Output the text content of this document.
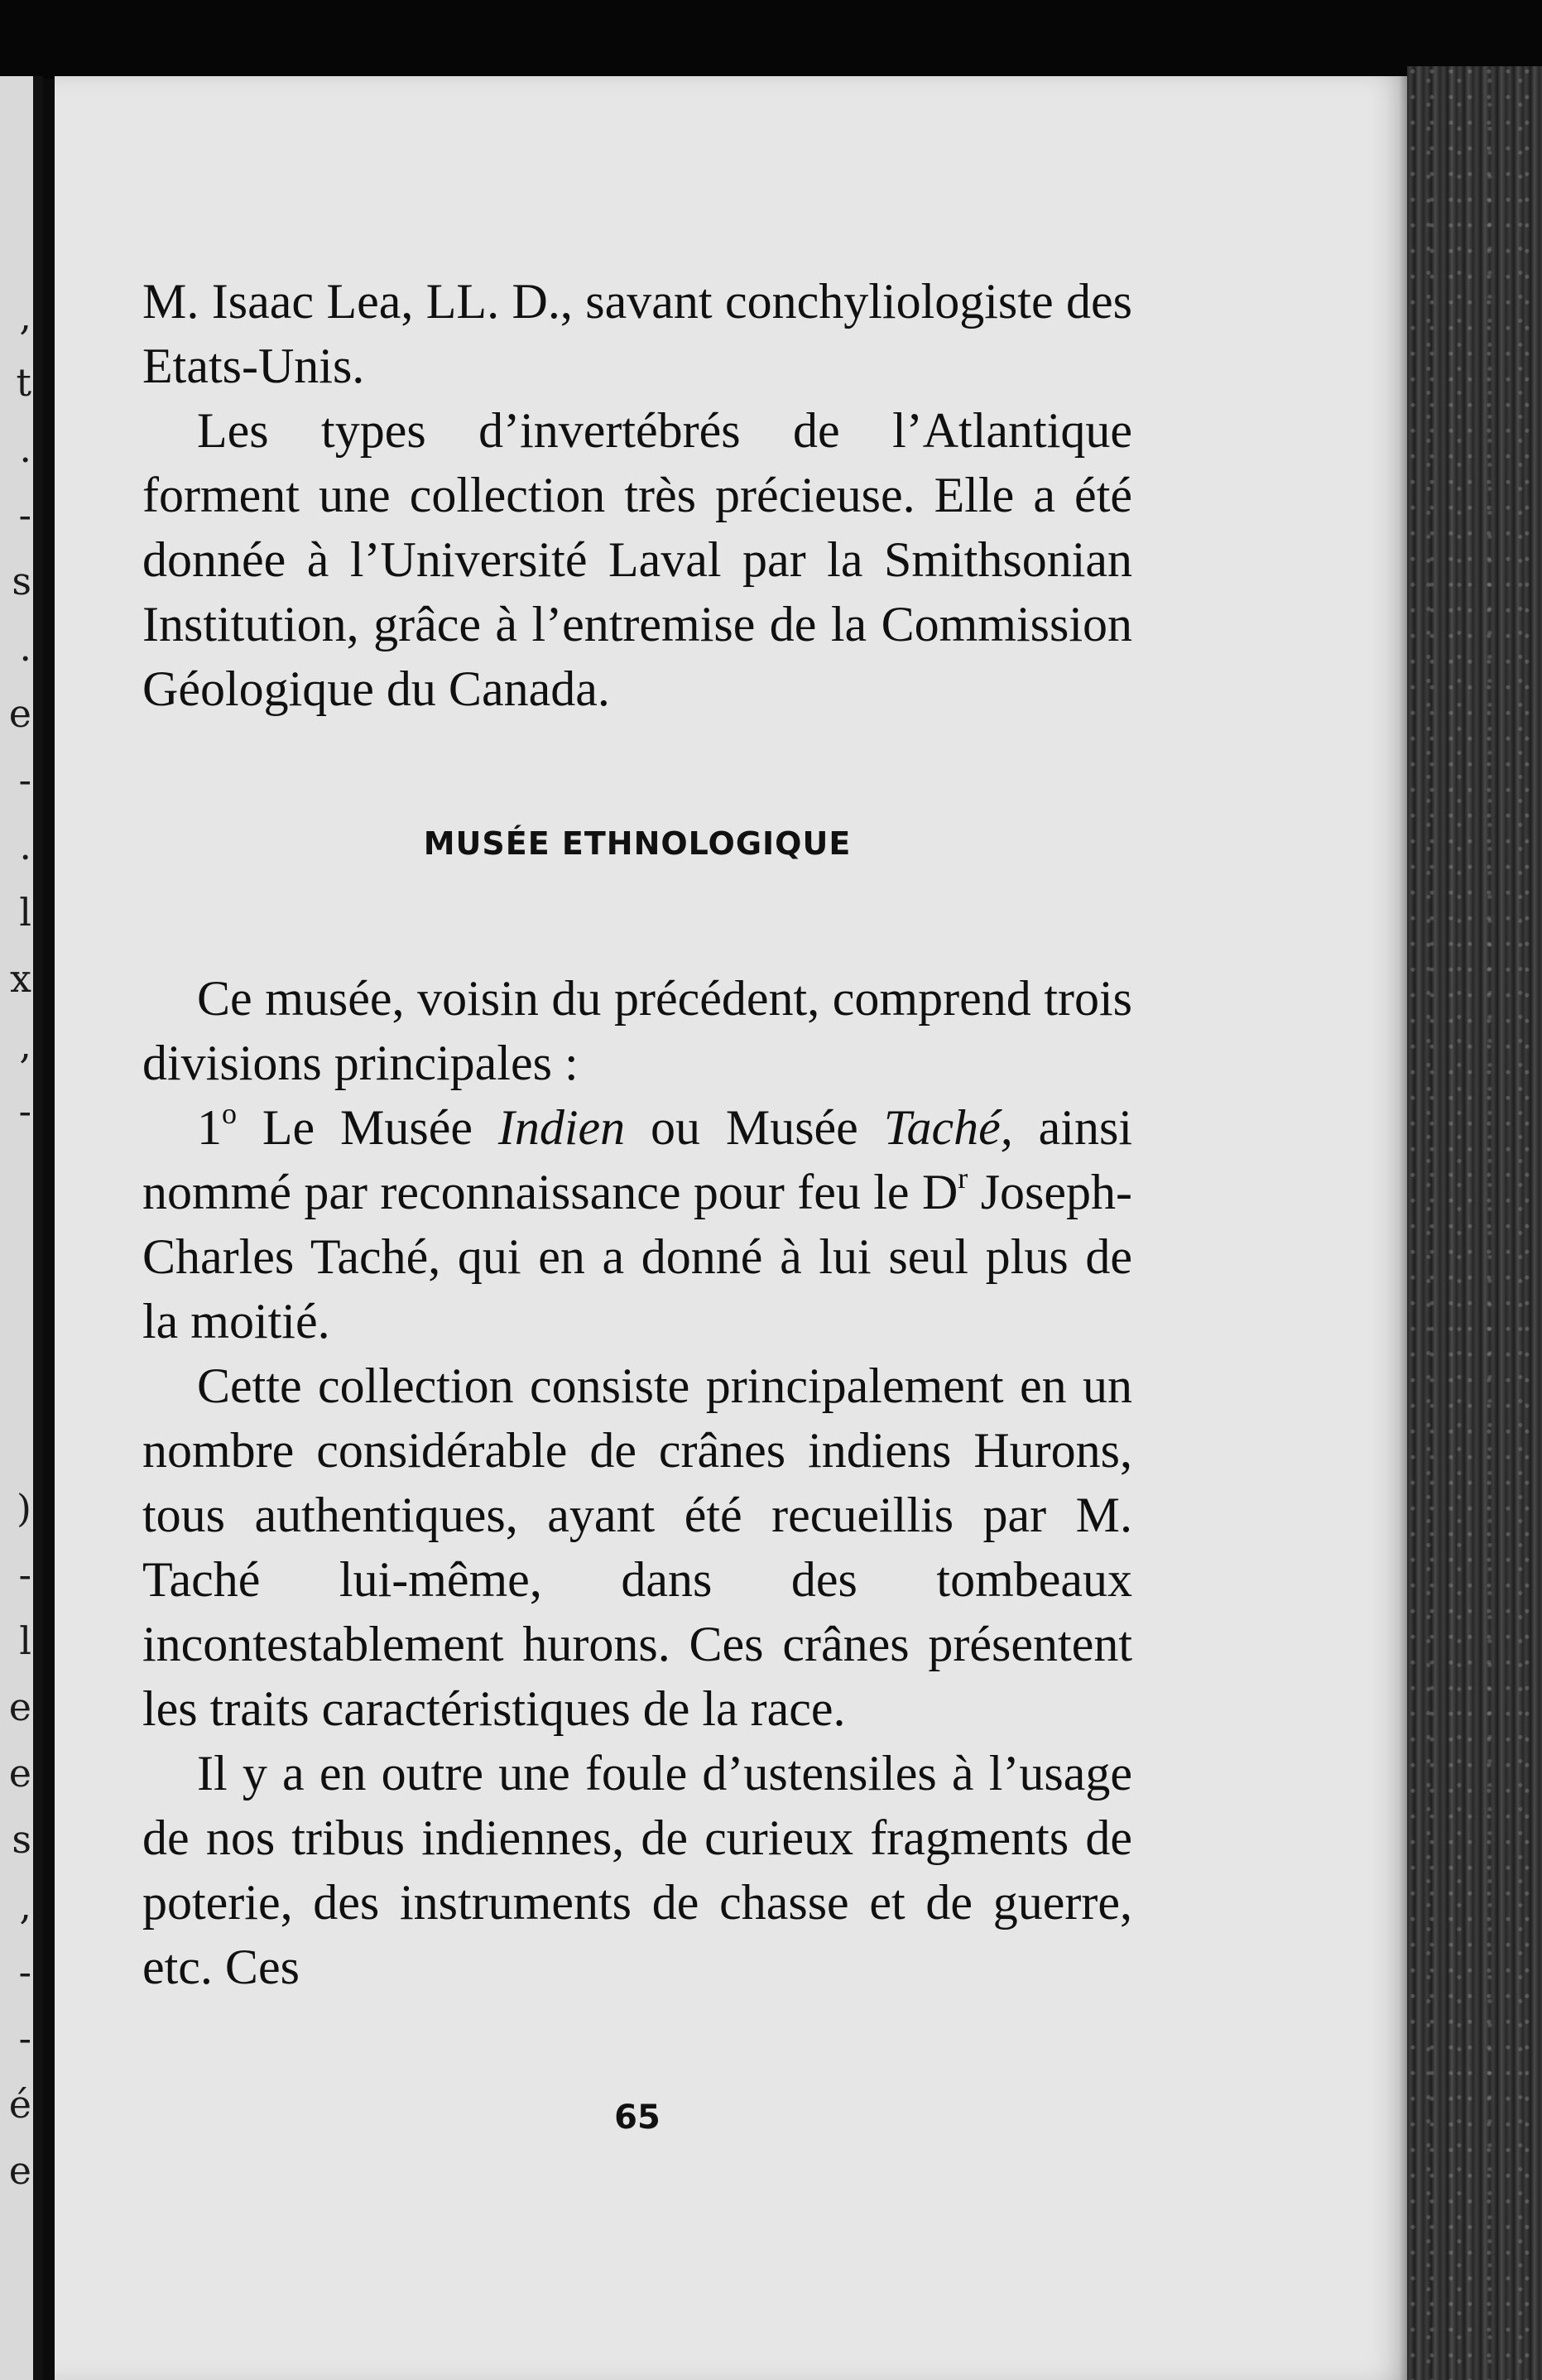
,
t
.
-
s
.
e
-
.
l
x
,
-
)
-
l
e
e
s
,
-
-
é
e

M. Isaac Lea, LL. D., savant conchyliologiste des Etats-Unis.

Les types d’invertébrés de l’Atlantique forment une collection très précieuse. Elle a été donnée à l’Université Laval par la Smithsonian Institution, grâce à l’entremise de la Commission Géologique du Canada.

MUSÉE ETHNOLOGIQUE

Ce musée, voisin du précédent, comprend trois divisions principales :

1$^o$ Le Musée Indien ou Musée Taché, ainsi nommé par reconnaissance pour feu le $D^r$ Joseph-Charles Taché, qui en a donné à lui seul plus de la moitié.

Cette collection consiste principalement en un nombre considérable de crânes indiens Hurons, tous authentiques, ayant été recueillis par M. Taché lui-même, dans des tombeaux incontestablement hurons. Ces crânes présentent les traits caractéristiques de la race.

Il y a en outre une foule d’ustensiles à l’usage de nos tribus indiennes, de curieux fragments de poterie, des instruments de chasse et de guerre, etc. Ces

65
